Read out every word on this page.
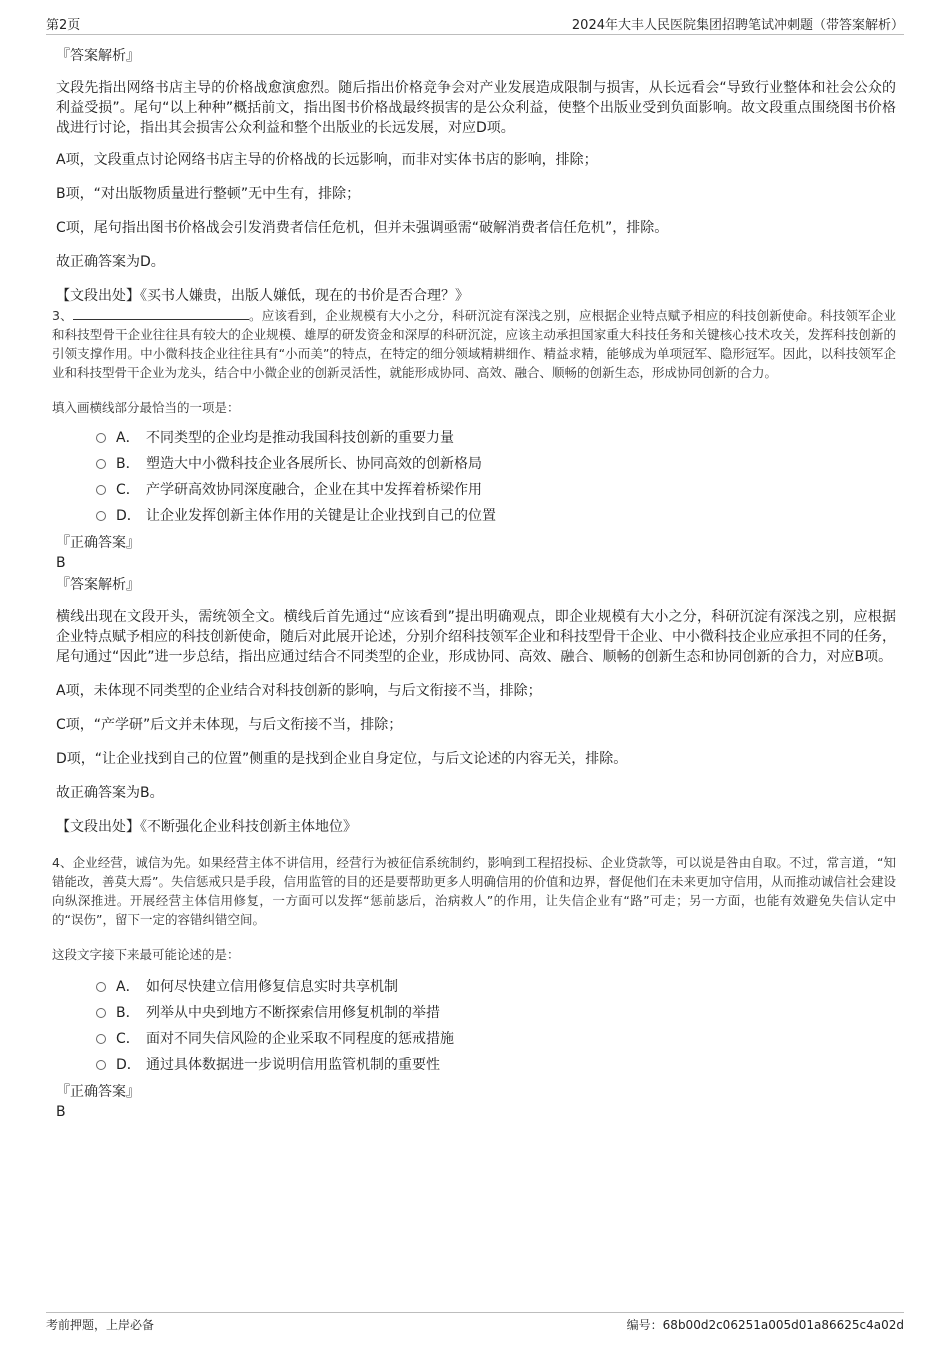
第2页	2024年大丰人民医院集团招聘笔试冲刺题（带答案解析）

『答案解析』

文段先指出网络书店主导的价格战愈演愈烈。随后指出价格竞争会对产业发展造成限制与损害，从长远看会“导致行业整体和社会公众的利益受损”。尾句“以上种种”概括前文，指出图书价格战最终损害的是公众利益，使整个出版业受到负面影响。故文段重点围绕图书价格战进行讨论，指出其会损害公众利益和整个出版业的长远发展，对应D项。

A项，文段重点讨论网络书店主导的价格战的长远影响，而非对实体书店的影响，排除；

B项，“对出版物质量进行整顿”无中生有，排除；

C项，尾句指出图书价格战会引发消费者信任危机，但并未强调亟需“破解消费者信任危机”，排除。

故正确答案为D。

【文段出处】《买书人嫌贵，出版人嫌低，现在的书价是否合理？》

3、	。应该看到，企业规模有大小之分，科研沉淀有深浅之别，应根据企业特点赋予相应的科技创新使命。科技领军企业和科技型骨干企业往往具有较大的企业规模、雄厚的研发资金和深厚的科研沉淀，应该主动承担国家重大科技任务和关键核心技术攻关，发挥科技创新的引领支撑作用。中小微科技企业往往具有“小而美”的特点，在特定的细分领域精耕细作、精益求精，能够成为单项冠军、隐形冠军。因此，以科技领军企业和科技型骨干企业为龙头，结合中小微企业的创新灵活性，就能形成协同、高效、融合、顺畅的创新生态，形成协同创新的合力。

填入画横线部分最恰当的一项是：

A． 不同类型的企业均是推动我国科技创新的重要力量
B． 塑造大中小微科技企业各展所长、协同高效的创新格局
C． 产学研高效协同深度融合，企业在其中发挥着桥梁作用
D． 让企业发挥创新主体作用的关键是让企业找到自己的位置

『正确答案』

B

『答案解析』

横线出现在文段开头，需统领全文。横线后首先通过“应该看到”提出明确观点，即企业规模有大小之分，科研沉淀有深浅之别，应根据企业特点赋予相应的科技创新使命，随后对此展开论述，分别介绍科技领军企业和科技型骨干企业、中小微科技企业应承担不同的任务，尾句通过“因此”进一步总结，指出应通过结合不同类型的企业，形成协同、高效、融合、顺畅的创新生态和协同创新的合力，对应B项。

A项，未体现不同类型的企业结合对科技创新的影响，与后文衔接不当，排除；

C项，“产学研”后文并未体现，与后文衔接不当，排除；

D项，“让企业找到自己的位置”侧重的是找到企业自身定位，与后文论述的内容无关，排除。

故正确答案为B。

【文段出处】《不断强化企业科技创新主体地位》

4、企业经营，诚信为先。如果经营主体不讲信用，经营行为被征信系统制约，影响到工程招投标、企业贷款等，可以说是咎由自取。不过，常言道，“知错能改，善莫大焉”。失信惩戒只是手段，信用监管的目的还是要帮助更多人明确信用的价值和边界，督促他们在未来更加守信用，从而推动诚信社会建设向纵深推进。开展经营主体信用修复，一方面可以发挥“惩前毖后，治病救人”的作用，让失信企业有“路”可走；另一方面，也能有效避免失信认定中的“误伤”，留下一定的容错纠错空间。

这段文字接下来最可能论述的是：

A． 如何尽快建立信用修复信息实时共享机制
B． 列举从中央到地方不断探索信用修复机制的举措
C． 面对不同失信风险的企业采取不同程度的惩戒措施
D． 通过具体数据进一步说明信用监管机制的重要性

『正确答案』

B

考前押题，上岸必备	编号：68b00d2c06251a005d01a86625c4a02d
